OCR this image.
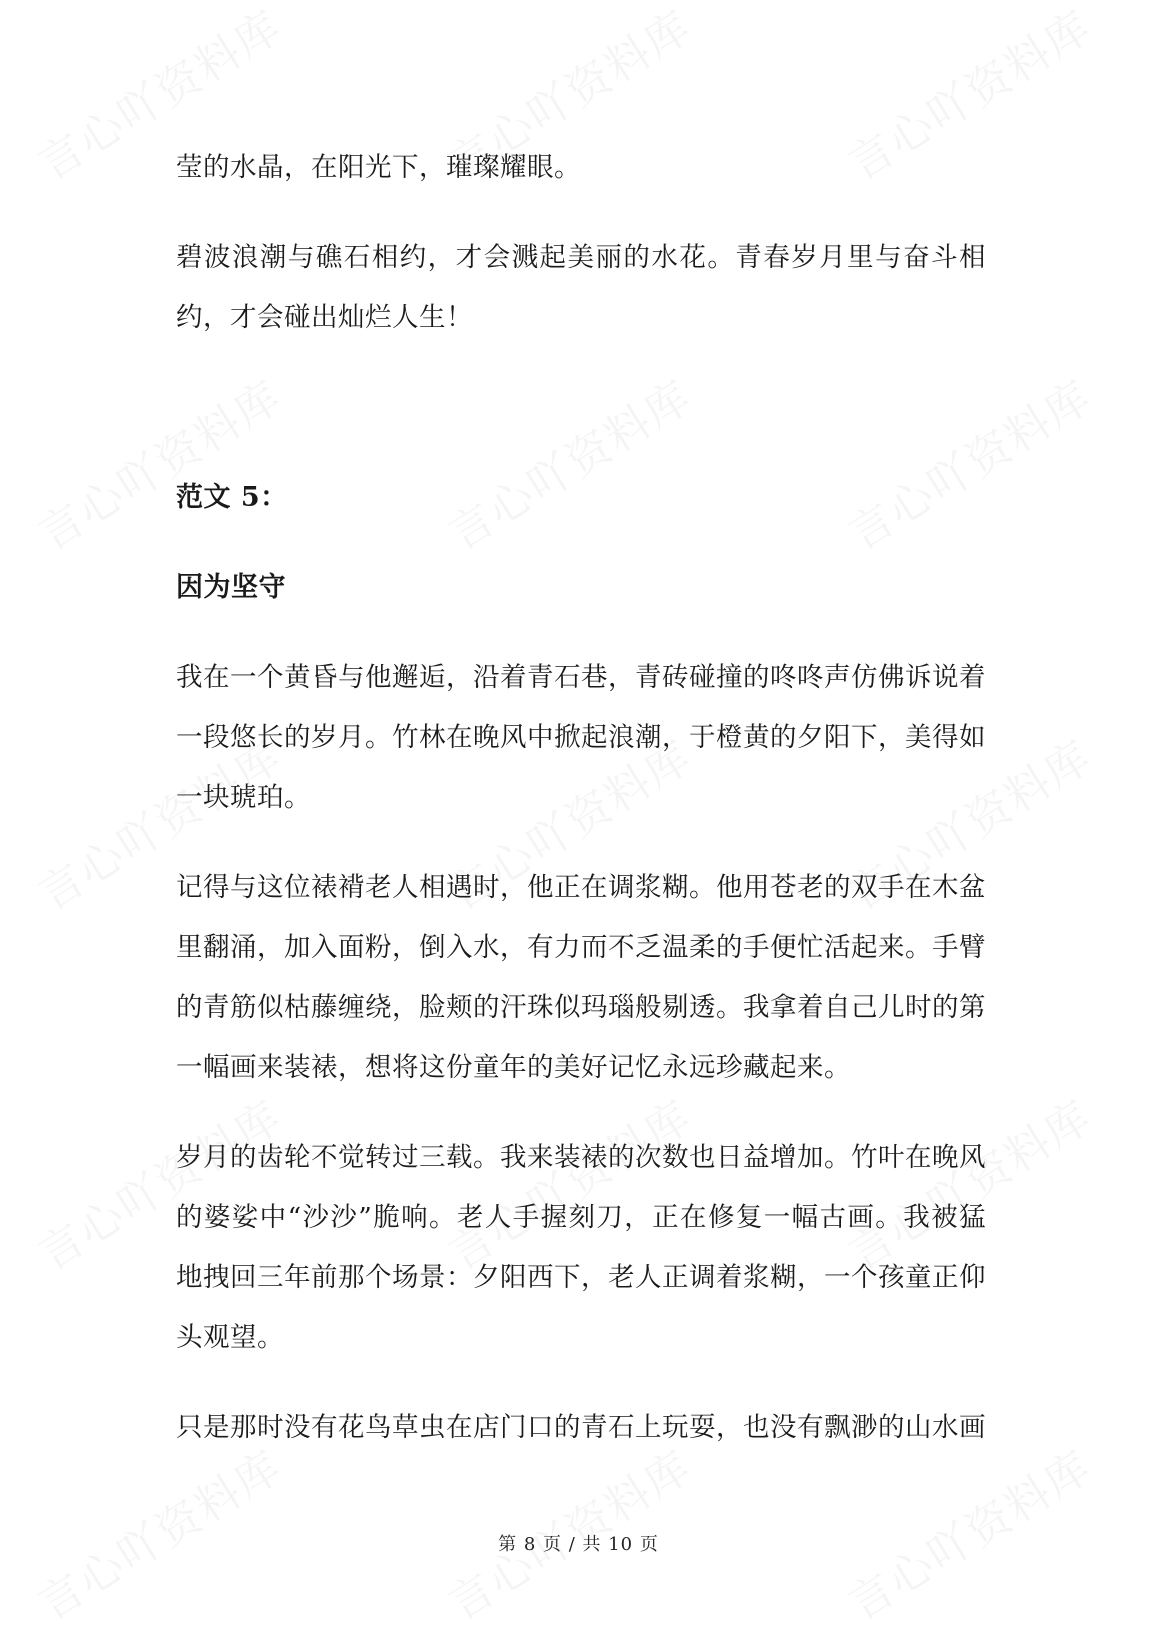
莹的水晶，在阳光下，璀璨耀眼。

碧波浪潮与礁石相约，才会溅起美丽的水花。青春岁月里与奋斗相约，才会碰出灿烂人生！

范文 5：

因为坚守

我在一个黄昏与他邂逅，沿着青石巷，青砖碰撞的咚咚声仿佛诉说着一段悠长的岁月。竹林在晚风中掀起浪潮，于橙黄的夕阳下，美得如一块琥珀。

记得与这位裱褙老人相遇时，他正在调浆糊。他用苍老的双手在木盆里翻涌，加入面粉，倒入水，有力而不乏温柔的手便忙活起来。手臂的青筋似枯藤缠绕，脸颊的汗珠似玛瑙般剔透。我拿着自己儿时的第一幅画来装裱，想将这份童年的美好记忆永远珍藏起来。

岁月的齿轮不觉转过三载。我来装裱的次数也日益增加。竹叶在晚风的婆娑中“沙沙”脆响。老人手握刻刀，正在修复一幅古画。我被猛地拽回三年前那个场景：夕阳西下，老人正调着浆糊，一个孩童正仰头观望。

只是那时没有花鸟草虫在店门口的青石上玩耍，也没有飘渺的山水画

第 8 页 / 共 10 页
